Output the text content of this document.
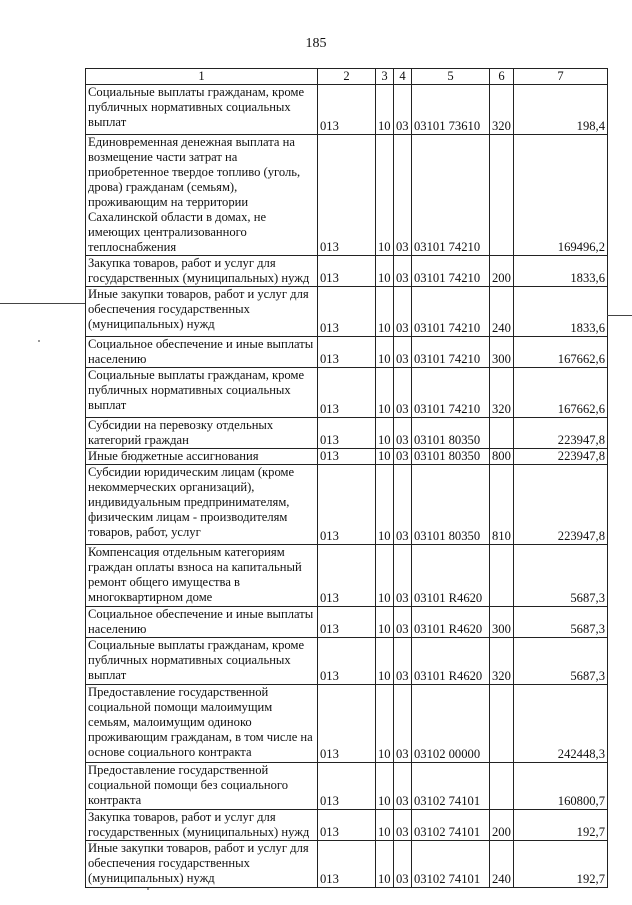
185
1	2	3	4	5	6	7
Социальные выплаты гражданам, кроме публичных нормативных социальных выплат	013	10	03	03101 73610	320	198,4
Единовременная денежная выплата на возмещение части затрат на приобретенное твердое топливо (уголь, дрова) гражданам (семьям), проживающим на территории Сахалинской области в домах, не имеющих централизованного теплоснабжения	013	10	03	03101 74210		169496,2
Закупка товаров, работ и услуг для государственных (муниципальных) нужд	013	10	03	03101 74210	200	1833,6
Иные закупки товаров, работ и услуг для обеспечения государственных (муниципальных) нужд	013	10	03	03101 74210	240	1833,6
Социальное обеспечение и иные выплаты населению	013	10	03	03101 74210	300	167662,6
Социальные выплаты гражданам, кроме публичных нормативных социальных выплат	013	10	03	03101 74210	320	167662,6
Субсидии на перевозку отдельных категорий граждан	013	10	03	03101 80350		223947,8
Иные бюджетные ассигнования	013	10	03	03101 80350	800	223947,8
Субсидии юридическим лицам (кроме некоммерческих организаций), индивидуальным предпринимателям, физическим лицам - производителям товаров, работ, услуг	013	10	03	03101 80350	810	223947,8
Компенсация отдельным категориям граждан оплаты взноса на капитальный ремонт общего имущества в многоквартирном доме	013	10	03	03101 R4620		5687,3
Социальное обеспечение и иные выплаты населению	013	10	03	03101 R4620	300	5687,3
Социальные выплаты гражданам, кроме публичных нормативных социальных выплат	013	10	03	03101 R4620	320	5687,3
Предоставление государственной социальной помощи малоимущим семьям, малоимущим одиноко проживающим гражданам, в том числе на основе социального контракта	013	10	03	03102 00000		242448,3
Предоставление государственной социальной помощи без социального контракта	013	10	03	03102 74101		160800,7
Закупка товаров, работ и услуг для государственных (муниципальных) нужд	013	10	03	03102 74101	200	192,7
Иные закупки товаров, работ и услуг для обеспечения государственных (муниципальных) нужд	013	10	03	03102 74101	240	192,7
